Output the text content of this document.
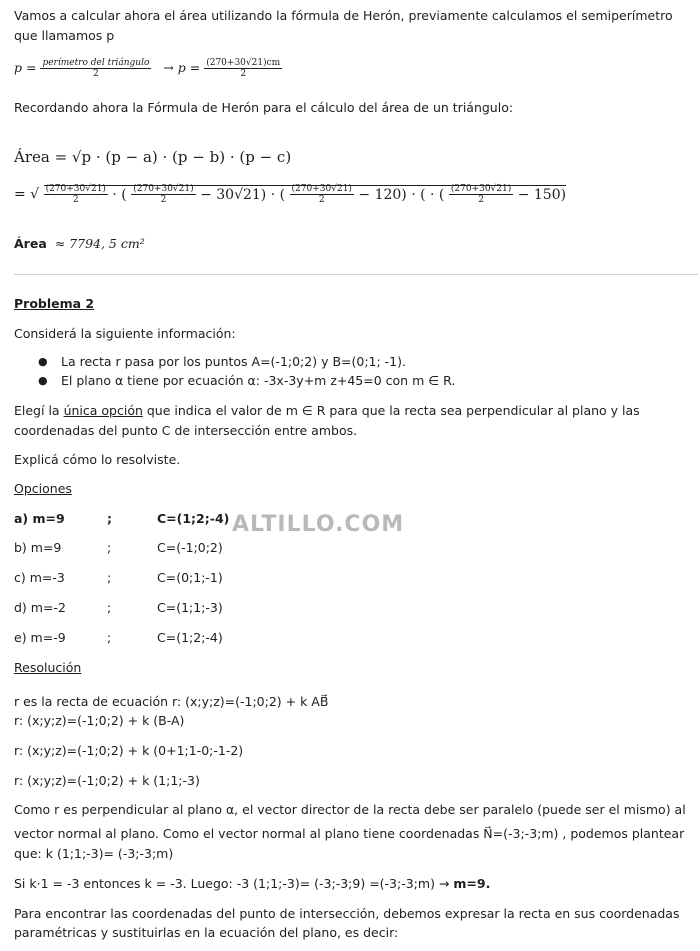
Vamos a calcular ahora el área utilizando la fórmula de Herón, previamente calculamos el semiperímetro
que llamamos p
$p = \frac{\text{perímetro del triángulo}}{2} \to p = \frac{(270+30√21)cm}{2}$
Recordando ahora la Fórmula de Herón para el cálculo del área de un triángulo:
Área = √p · (p − a) · (p − b) · (p − c)
= √ $\frac{(270+30√21)}{2}$ · ( $\frac{(270+30√21)}{2} - 30√21$) · ( $\frac{(270+30√21)}{2} - 120$) · ( · ( $\frac{(270+30√21)}{2} - 150$)
Área ≈ 7794, 5 cm²
Problema 2
Considerá la siguiente información:
● La recta r pasa por los puntos A=(-1;0;2) y B=(0;1; -1).
● El plano α tiene por ecuación α: -3x-3y+m z+45=0 con m ∈ R.
Elegí la única opción que indica el valor de m ∈ R para que la recta sea perpendicular al plano y las
coordenadas del punto C de intersección entre ambos.
Explicá cómo lo resolviste.
Opciones
a) m=9	;	C=(1;2;-4)
b) m=9	;	C=(-1;0;2)
c) m=-3	;	C=(0;1;-1)
d) m=-2	;	C=(1;1;-3)
e) m=-9	;	C=(1;2;-4)
ALTILLO.COM
Resolución
r es la recta de ecuación r: (x;y;z)=(-1;0;2) + k AB⃗
r: (x;y;z)=(-1;0;2) + k (B-A)
r: (x;y;z)=(-1;0;2) + k (0+1;1-0;-1-2)
r: (x;y;z)=(-1;0;2) + k (1;1;-3)
Como r es perpendicular al plano α, el vector director de la recta debe ser paralelo (puede ser el mismo) al
vector normal al plano. Como el vector normal al plano tiene coordenadas N⃗=(-3;-3;m) , podemos plantear
que: k (1;1;-3)= (-3;-3;m)
Si k·1 = -3 entonces k = -3. Luego: -3 (1;1;-3)= (-3;-3;9) =(-3;-3;m) → m=9.
Para encontrar las coordenadas del punto de intersección, debemos expresar la recta en sus coordenadas
paramétricas y sustituirlas en la ecuación del plano, es decir:
